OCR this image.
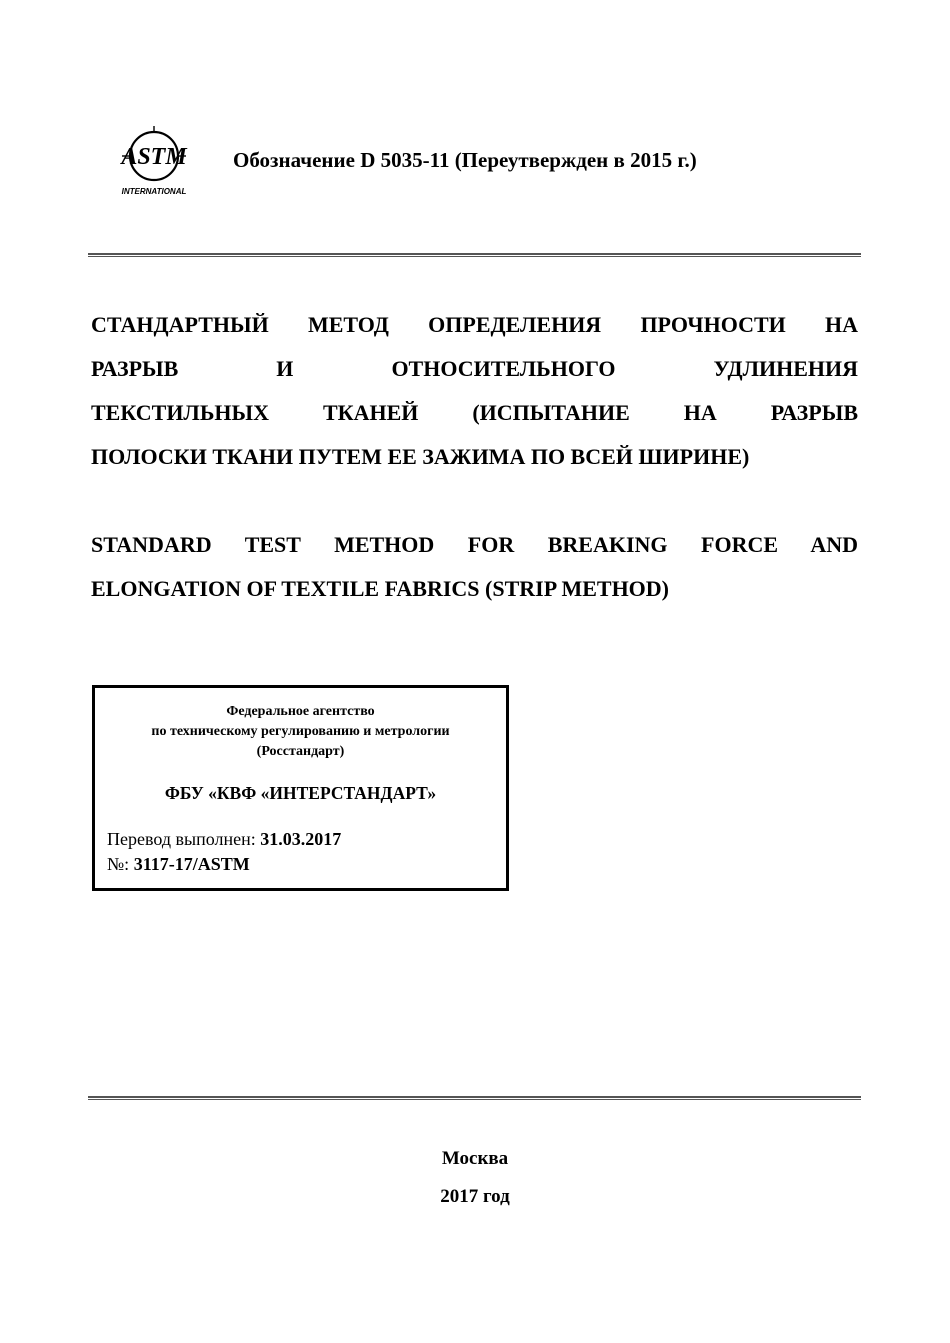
ASTM
INTERNATIONAL
Обозначение D 5035-11 (Переутвержден в 2015 г.)
СТАНДАРТНЫЙ МЕТОД ОПРЕДЕЛЕНИЯ ПРОЧНОСТИ НА
РАЗРЫВ И ОТНОСИТЕЛЬНОГО УДЛИНЕНИЯ
ТЕКСТИЛЬНЫХ ТКАНЕЙ (ИСПЫТАНИЕ НА РАЗРЫВ
ПОЛОСКИ ТКАНИ ПУТЕМ ЕЕ ЗАЖИМА ПО ВСЕЙ ШИРИНЕ)
STANDARD TEST METHOD FOR BREAKING FORCE AND
ELONGATION OF TEXTILE FABRICS (STRIP METHOD)
Федеральное агентство
по техническому регулированию и метрологии
(Росстандарт)
ФБУ «КВФ «ИНТЕРСТАНДАРТ»
Перевод выполнен: 31.03.2017
№: 3117-17/ASTM
Москва
2017 год
